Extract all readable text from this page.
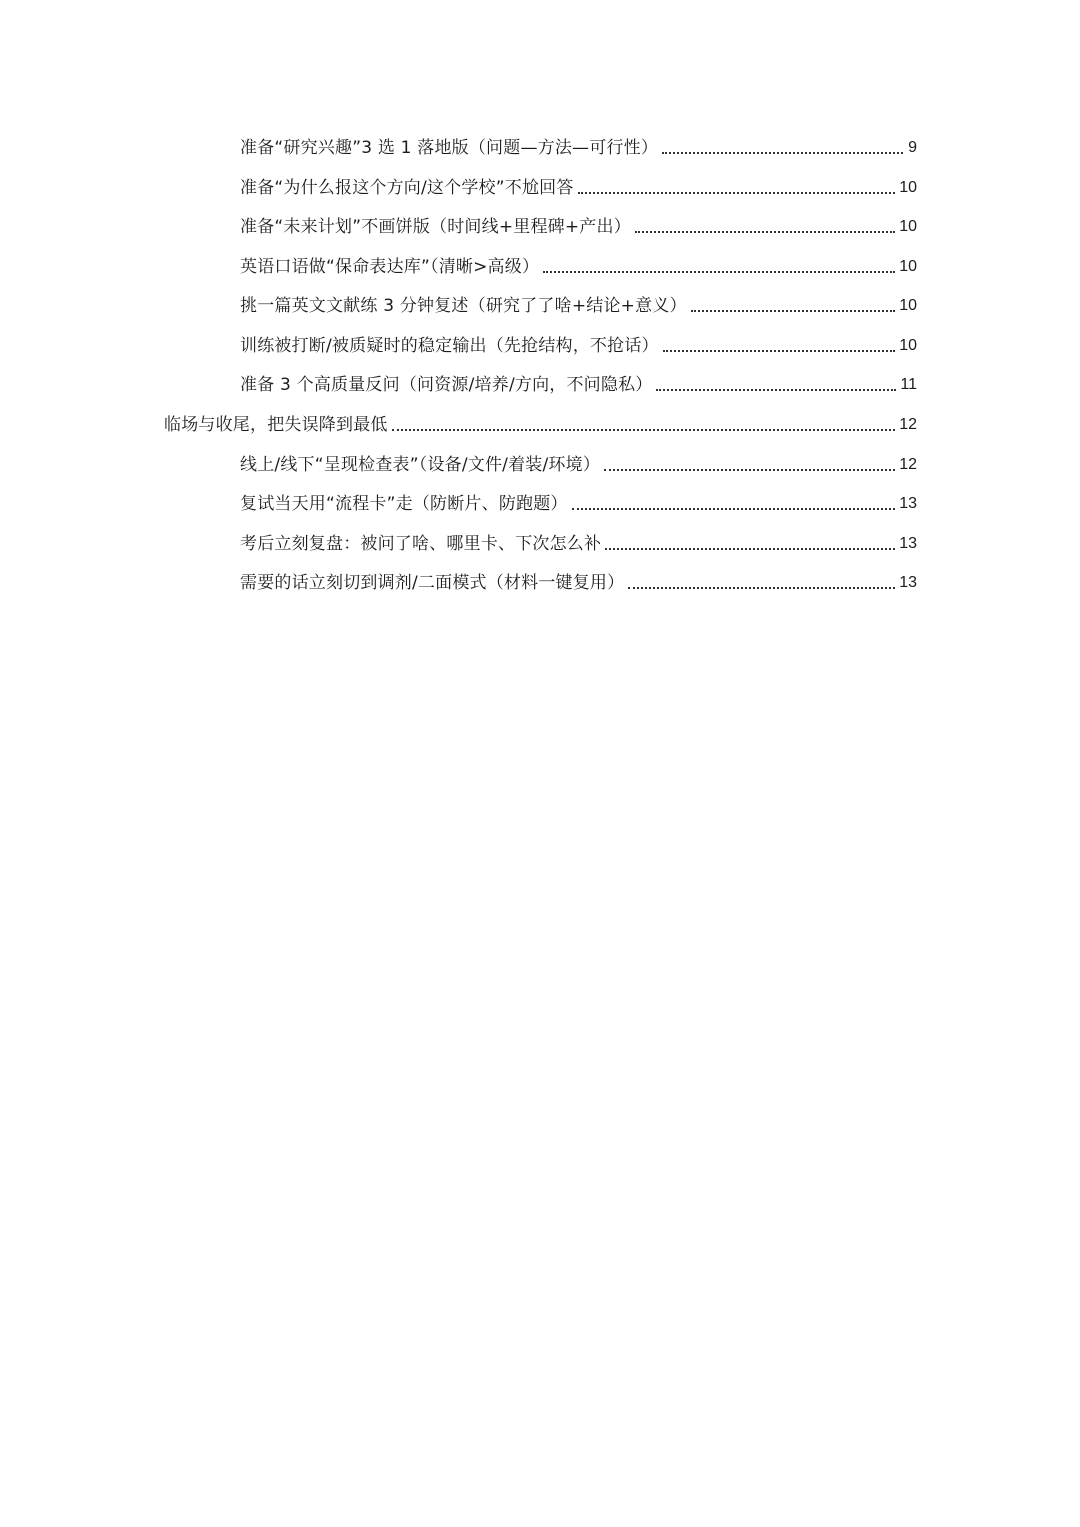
准备“研究兴趣”3 选 1 落地版（问题—方法—可行性）	9
准备“为什么报这个方向/这个学校”不尬回答	10
准备“未来计划”不画饼版（时间线+里程碑+产出）	10
英语口语做“保命表达库”（清晰>高级）	10
挑一篇英文文献练 3 分钟复述（研究了了啥+结论+意义）	10
训练被打断/被质疑时的稳定输出（先抢结构，不抢话）	10
准备 3 个高质量反问（问资源/培养/方向，不问隐私）	11
临场与收尾，把失误降到最低	12
线上/线下“呈现检查表”（设备/文件/着装/环境）	12
复试当天用“流程卡”走（防断片、防跑题）	13
考后立刻复盘：被问了啥、哪里卡、下次怎么补	13
需要的话立刻切到调剂/二面模式（材料一键复用）	13
